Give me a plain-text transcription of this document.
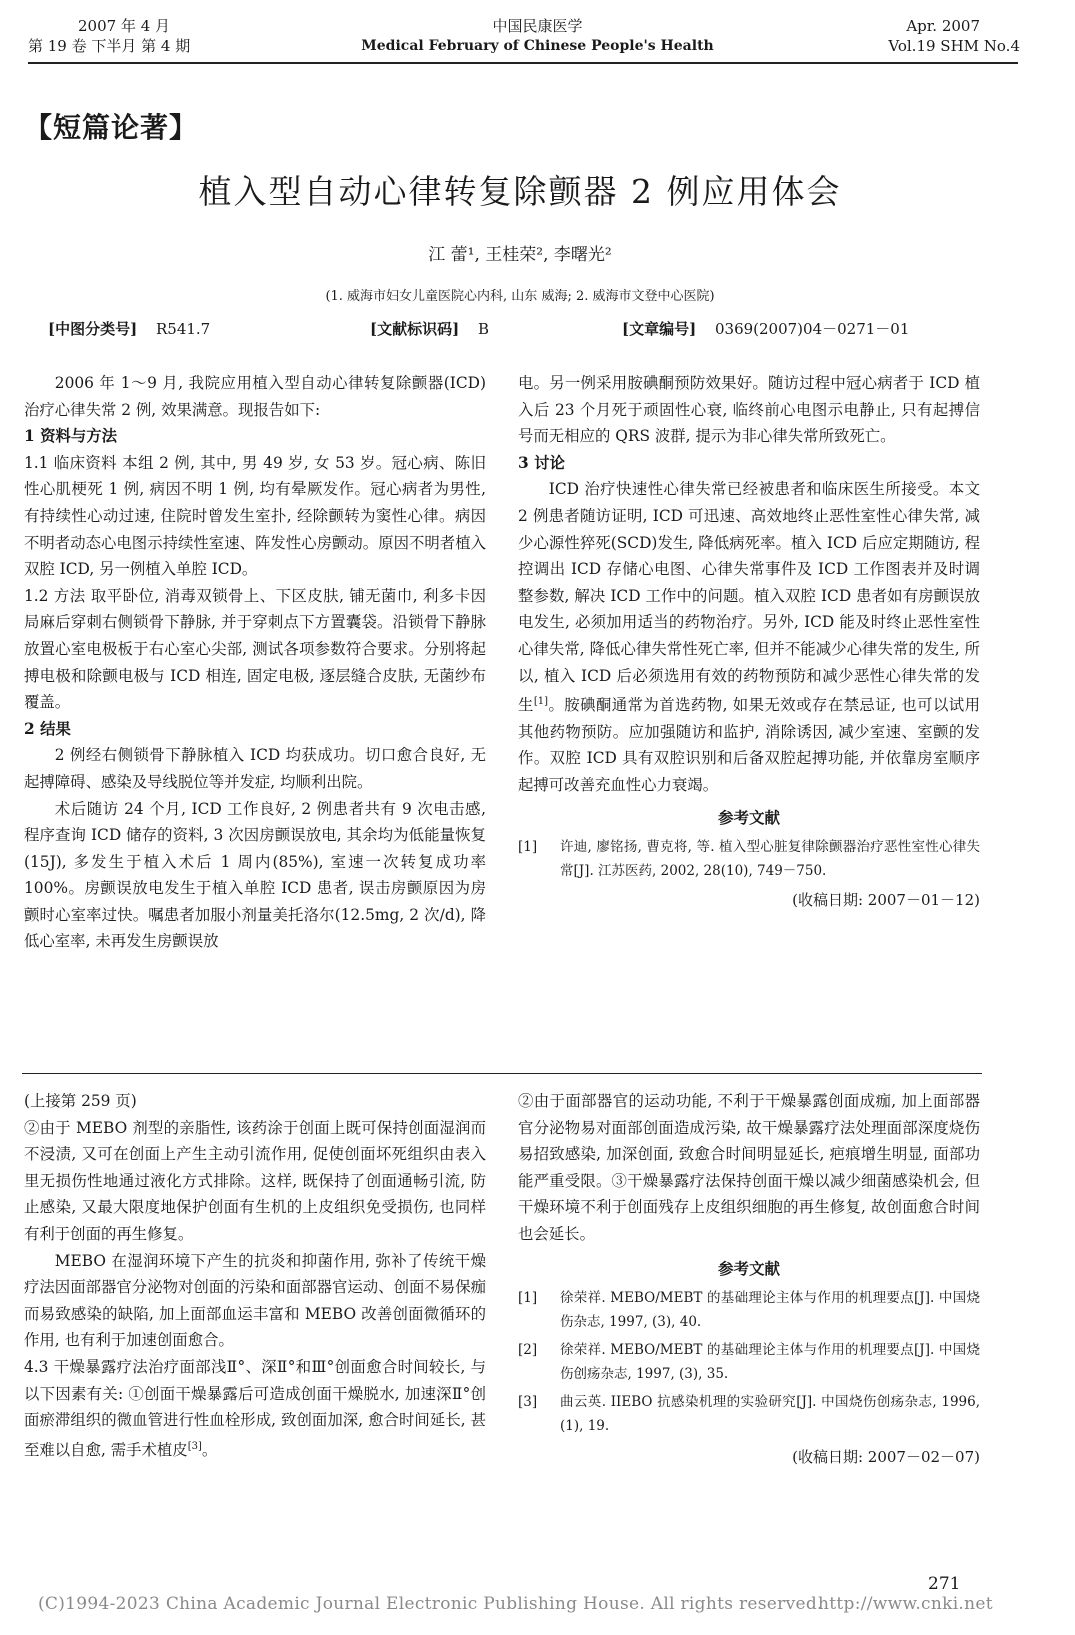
2007 年 4 月
第 19 卷 下半月 第 4 期
中国民康医学
Medical February of Chinese People's Health
Apr. 2007
Vol.19 SHM No.4
【短篇论著】
植入型自动心律转复除颤器 2 例应用体会
江 蕾¹, 王桂荣², 李曙光²
(1. 威海市妇女儿童医院心内科, 山东 威海; 2. 威海市文登中心医院)
[中图分类号] R541.7	[文献标识码] B	[文章编号] 0369(2007)04－0271－01

2006 年 1～9 月, 我院应用植入型自动心律转复除颤器(ICD)治疗心律失常 2 例, 效果满意。现报告如下:

1 资料与方法

1.1 临床资料 本组 2 例, 其中, 男 49 岁, 女 53 岁。冠心病、陈旧性心肌梗死 1 例, 病因不明 1 例, 均有晕厥发作。冠心病者为男性, 有持续性心动过速, 住院时曾发生室扑, 经除颤转为窦性心律。病因不明者动态心电图示持续性室速、阵发性心房颤动。原因不明者植入双腔 ICD, 另一例植入单腔 ICD。

1.2 方法 取平卧位, 消毒双锁骨上、下区皮肤, 铺无菌巾, 利多卡因局麻后穿刺右侧锁骨下静脉, 并于穿刺点下方置囊袋。沿锁骨下静脉放置心室电极板于右心室心尖部, 测试各项参数符合要求。分别将起搏电极和除颤电极与 ICD 相连, 固定电极, 逐层缝合皮肤, 无菌纱布覆盖。

2 结果

2 例经右侧锁骨下静脉植入 ICD 均获成功。切口愈合良好, 无起搏障碍、感染及导线脱位等并发症, 均顺利出院。

术后随访 24 个月, ICD 工作良好, 2 例患者共有 9 次电击感, 程序查询 ICD 储存的资料, 3 次因房颤误放电, 其余均为低能量恢复(15J), 多发生于植入术后 1 周内(85%), 室速一次转复成功率 100%。房颤误放电发生于植入单腔 ICD 患者, 误击房颤原因为房颤时心室率过快。嘱患者加服小剂量美托洛尔(12.5mg, 2 次/d), 降低心室率, 未再发生房颤误放

电。另一例采用胺碘酮预防效果好。随访过程中冠心病者于 ICD 植入后 23 个月死于顽固性心衰, 临终前心电图示电静止, 只有起搏信号而无相应的 QRS 波群, 提示为非心律失常所致死亡。

3 讨论

ICD 治疗快速性心律失常已经被患者和临床医生所接受。本文 2 例患者随访证明, ICD 可迅速、高效地终止恶性室性心律失常, 减少心源性猝死(SCD)发生, 降低病死率。植入 ICD 后应定期随访, 程控调出 ICD 存储心电图、心律失常事件及 ICD 工作图表并及时调整参数, 解决 ICD 工作中的问题。植入双腔 ICD 患者如有房颤误放电发生, 必须加用适当的药物治疗。另外, ICD 能及时终止恶性室性心律失常, 降低心律失常性死亡率, 但并不能减少心律失常的发生, 所以, 植入 ICD 后必须选用有效的药物预防和减少恶性心律失常的发生[1]。胺碘酮通常为首选药物, 如果无效或存在禁忌证, 也可以试用其他药物预防。应加强随访和监护, 消除诱因, 减少室速、室颤的发作。双腔 ICD 具有双腔识别和后备双腔起搏功能, 并依靠房室顺序起搏可改善充血性心力衰竭。

参考文献
[1] 许迪, 廖铭扬, 曹克将, 等. 植入型心脏复律除颤器治疗恶性室性心律失常[J]. 江苏医药, 2002, 28(10), 749－750.
(收稿日期: 2007－01－12)

(上接第 259 页)

②由于 MEBO 剂型的亲脂性, 该药涂于创面上既可保持创面湿润而不浸渍, 又可在创面上产生主动引流作用, 促使创面坏死组织由表入里无损伤性地通过液化方式排除。这样, 既保持了创面通畅引流, 防止感染, 又最大限度地保护创面有生机的上皮组织免受损伤, 也同样有利于创面的再生修复。

MEBO 在湿润环境下产生的抗炎和抑菌作用, 弥补了传统干燥疗法因面部器官分泌物对创面的污染和面部器官运动、创面不易保痂而易致感染的缺陷, 加上面部血运丰富和 MEBO 改善创面微循环的作用, 也有利于加速创面愈合。

4.3 干燥暴露疗法治疗面部浅Ⅱ°、深Ⅱ°和Ⅲ°创面愈合时间较长, 与以下因素有关: ①创面干燥暴露后可造成创面干燥脱水, 加速深Ⅱ°创面瘀滞组织的微血管进行性血栓形成, 致创面加深, 愈合时间延长, 甚至难以自愈, 需手术植皮[3]。

②由于面部器官的运动功能, 不利于干燥暴露创面成痂, 加上面部器官分泌物易对面部创面造成污染, 故干燥暴露疗法处理面部深度烧伤易招致感染, 加深创面, 致愈合时间明显延长, 疤痕增生明显, 面部功能严重受限。③干燥暴露疗法保持创面干燥以减少细菌感染机会, 但干燥环境不利于创面残存上皮组织细胞的再生修复, 故创面愈合时间也会延长。

参考文献
[1] 徐荣祥. MEBO/MEBT 的基础理论主体与作用的机理要点[J]. 中国烧伤杂志, 1997, (3), 40.
[2] 徐荣祥. MEBO/MEBT 的基础理论主体与作用的机理要点[J]. 中国烧伤创疡杂志, 1997, (3), 35.
[3] 曲云英. IIEBO 抗感染机理的实验研究[J]. 中国烧伤创疡杂志, 1996, (1), 19.
(收稿日期: 2007－02－07)
271
(C)1994-2023 China Academic Journal Electronic Publishing House. All rights reserved.
http://www.cnki.net
